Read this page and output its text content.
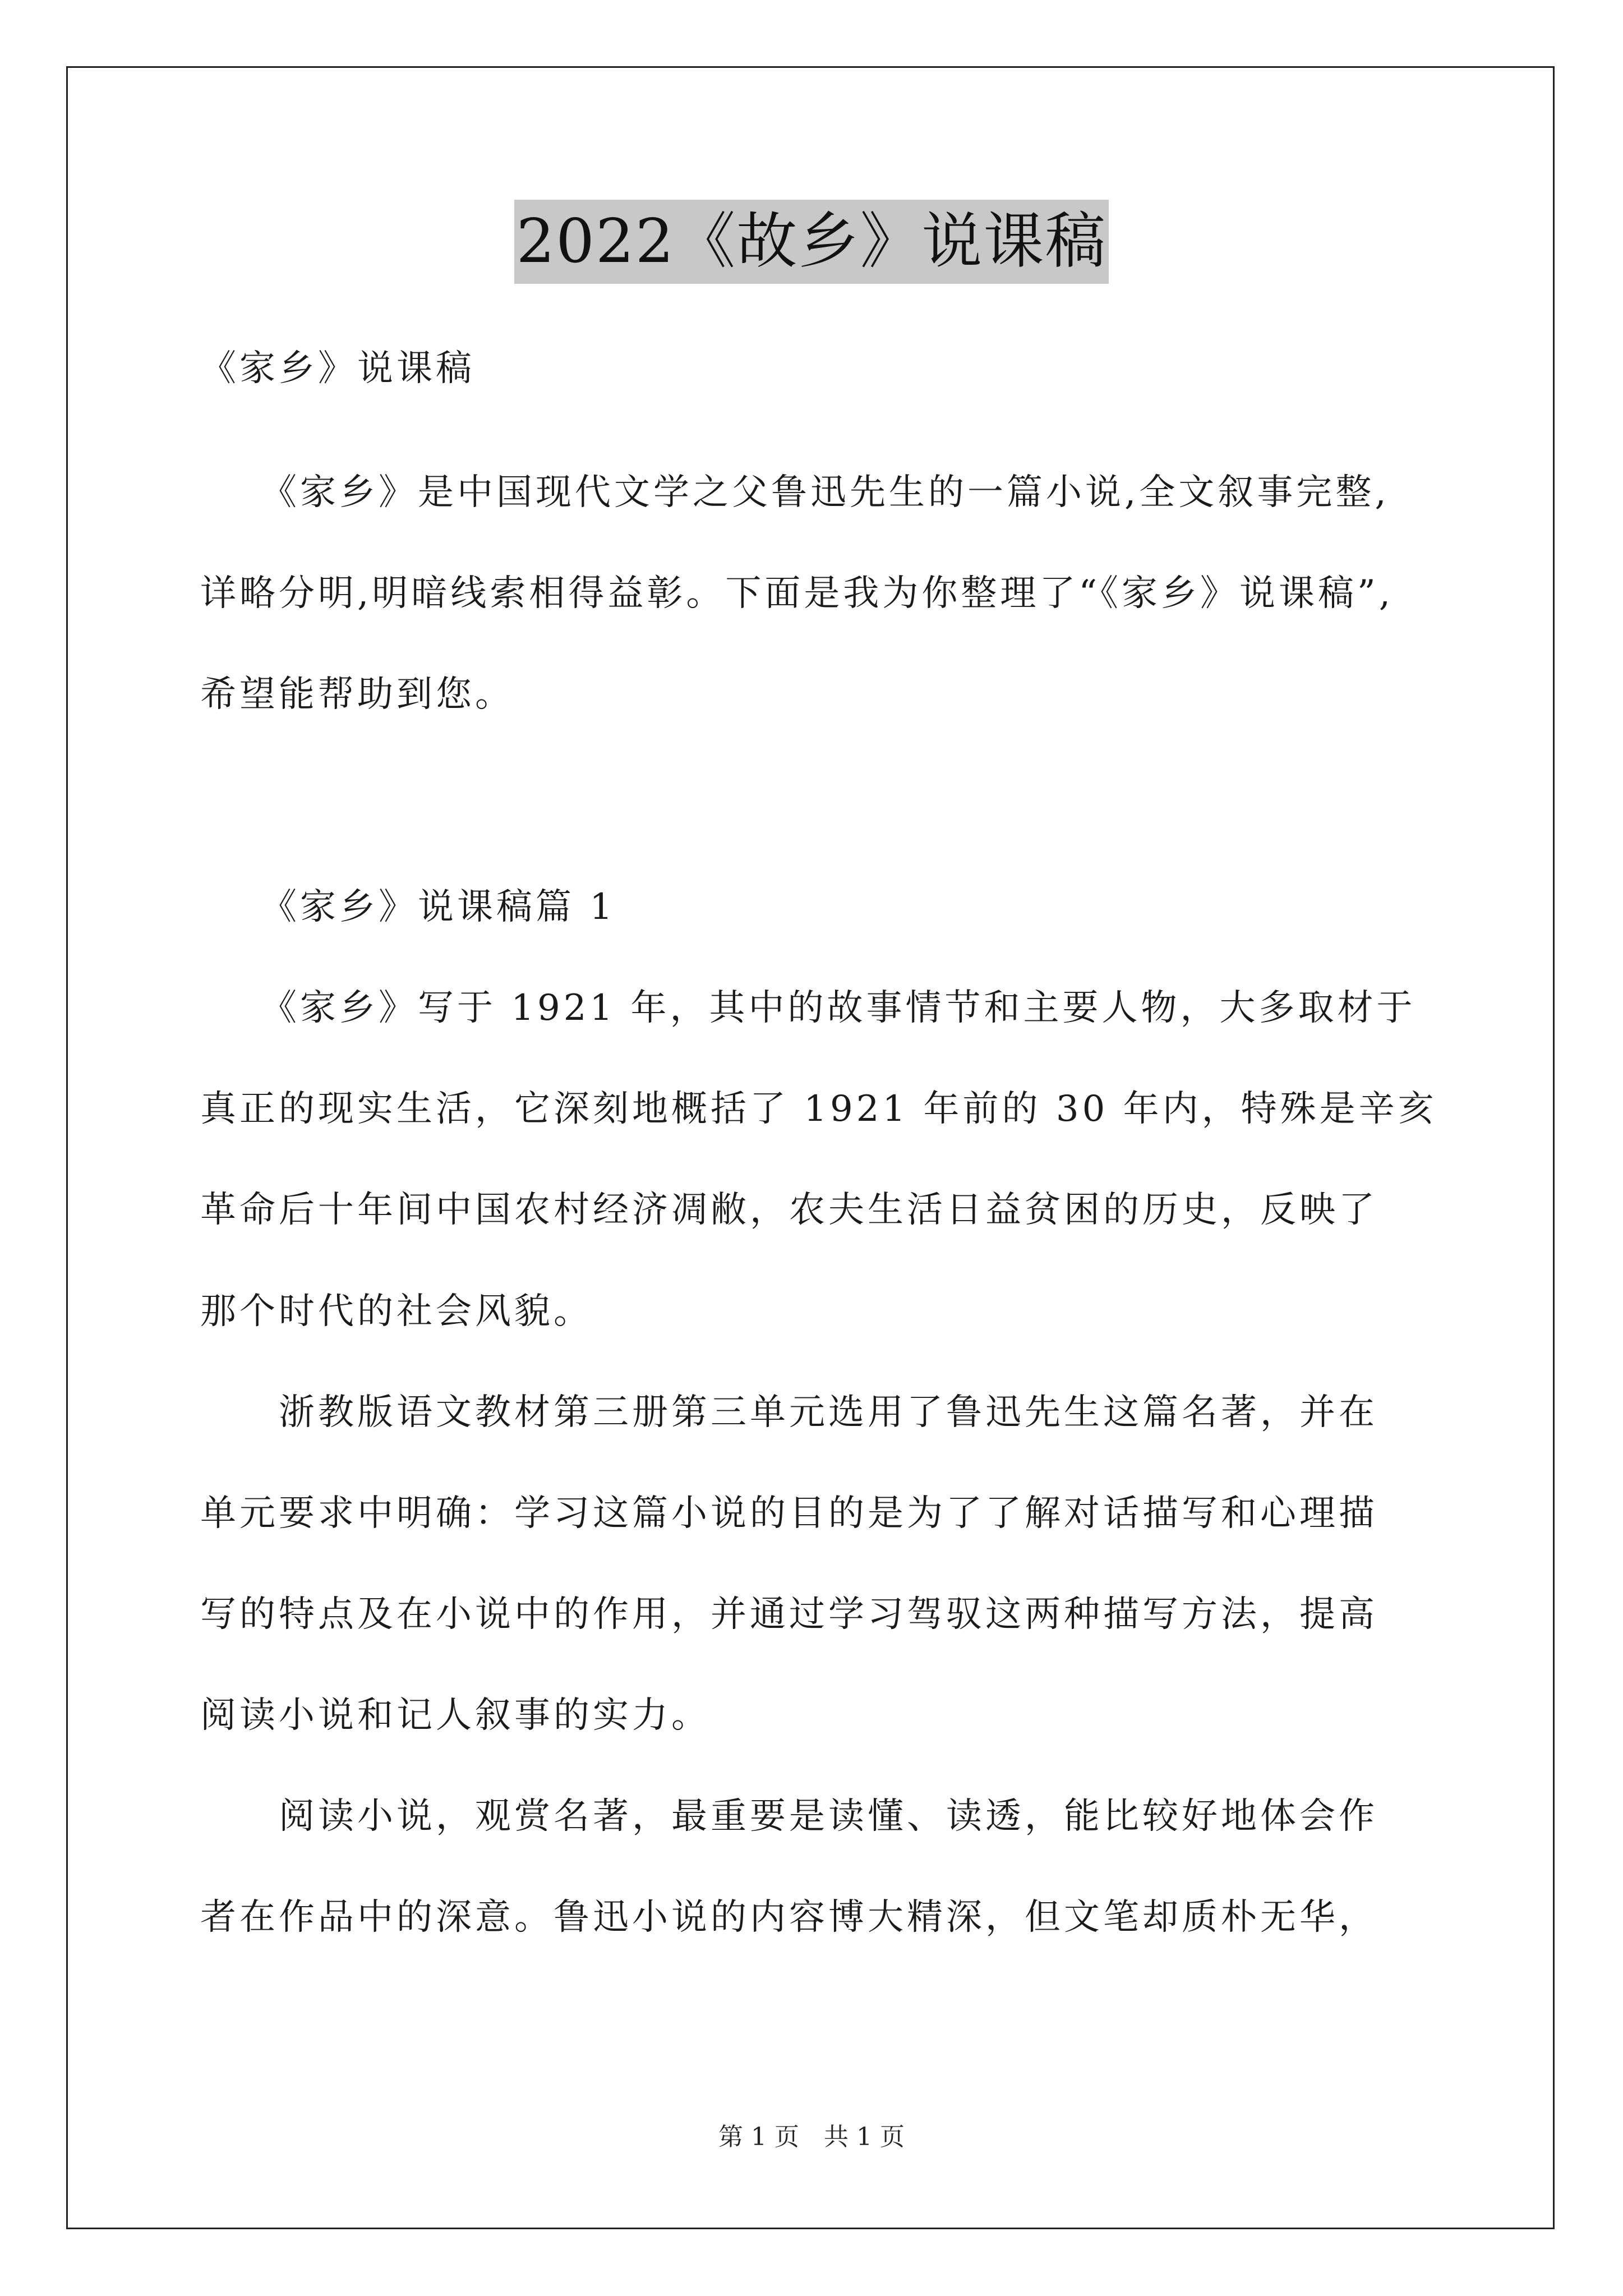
2022《故乡》说课稿
《家乡》说课稿
　　《家乡》是中国现代文学之父鲁迅先生的一篇小说,全文叙事完整,
详略分明,明暗线索相得益彰。下面是我为你整理了“《家乡》说课稿”,
希望能帮助到您。
　　《家乡》说课稿篇 1
　　《家乡》写于 1921 年，其中的故事情节和主要人物，大多取材于
真正的现实生活，它深刻地概括了 1921 年前的 30 年内，特殊是辛亥
革命后十年间中国农村经济凋敝，农夫生活日益贫困的历史，反映了
那个时代的社会风貌。
　　浙教版语文教材第三册第三单元选用了鲁迅先生这篇名著，并在
单元要求中明确：学习这篇小说的目的是为了了解对话描写和心理描
写的特点及在小说中的作用，并通过学习驾驭这两种描写方法，提高
阅读小说和记人叙事的实力。
　　阅读小说，观赏名著，最重要是读懂、读透，能比较好地体会作
者在作品中的深意。鲁迅小说的内容博大精深，但文笔却质朴无华，
第 1 页　共 1 页
